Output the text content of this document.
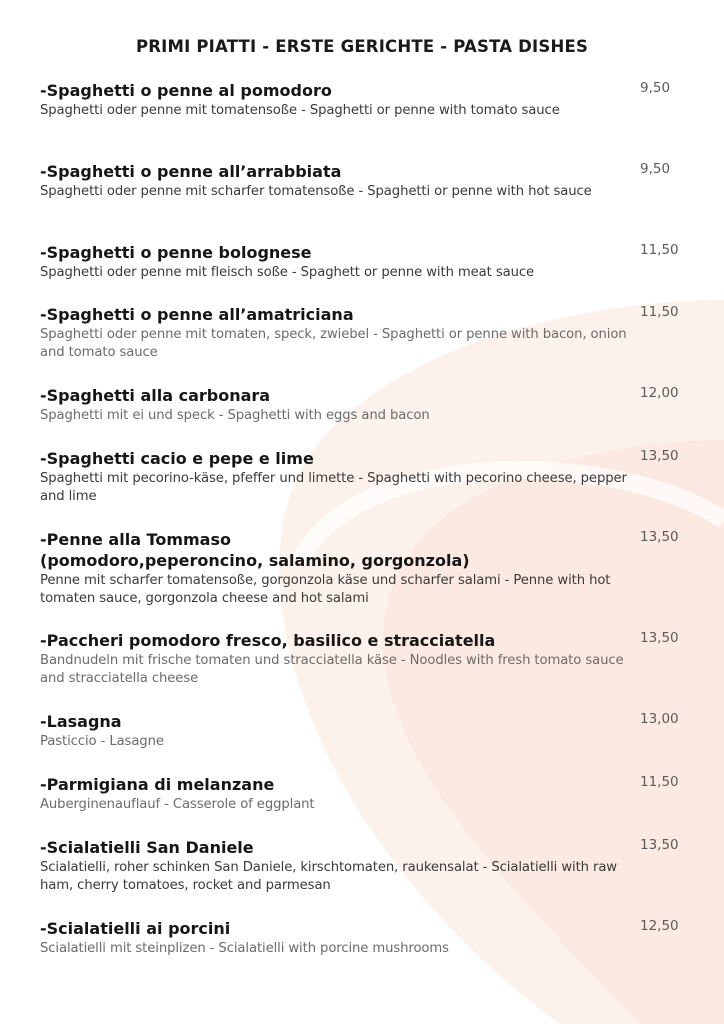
PRIMI PIATTI - ERSTE GERICHTE - PASTA DISHES
-Spaghetti o penne al pomodoro
Spaghetti oder penne mit tomatensoße - Spaghetti or penne with tomato sauce
9,50
-Spaghetti o penne all’arrabbiata
Spaghetti oder penne mit scharfer tomatensoße - Spaghetti or penne with hot sauce
9,50
-Spaghetti o penne bolognese
Spaghetti oder penne mit fleisch soße - Spaghett or penne with meat sauce
11,50
-Spaghetti o penne all’amatriciana
Spaghetti oder penne mit tomaten, speck, zwiebel - Spaghetti or penne with bacon, onion and tomato sauce
11,50
-Spaghetti alla carbonara
Spaghetti mit ei und speck - Spaghetti with eggs and bacon
12,00
-Spaghetti cacio e pepe e lime
Spaghetti mit pecorino-käse, pfeffer und limette - Spaghetti with pecorino cheese, pepper and lime
13,50
-Penne alla Tommaso
(pomodoro,peperoncino, salamino, gorgonzola)
Penne mit scharfer tomatensoße, gorgonzola käse und scharfer salami - Penne with hot tomaten sauce, gorgonzola cheese and hot salami
13,50
-Paccheri pomodoro fresco, basilico e stracciatella
Bandnudeln mit frische tomaten und stracciatella käse - Noodles with fresh tomato sauce and stracciatella cheese
13,50
-Lasagna
Pasticcio - Lasagne
13,00
-Parmigiana di melanzane
Auberginenauflauf - Casserole of eggplant
11,50
-Scialatielli San Daniele
Scialatielli, roher schinken San Daniele, kirschtomaten, raukensalat - Scialatielli with raw ham, cherry tomatoes, rocket and parmesan
13,50
-Scialatielli ai porcini
Scialatielli mit steinplizen - Scialatielli with porcine mushrooms
12,50
